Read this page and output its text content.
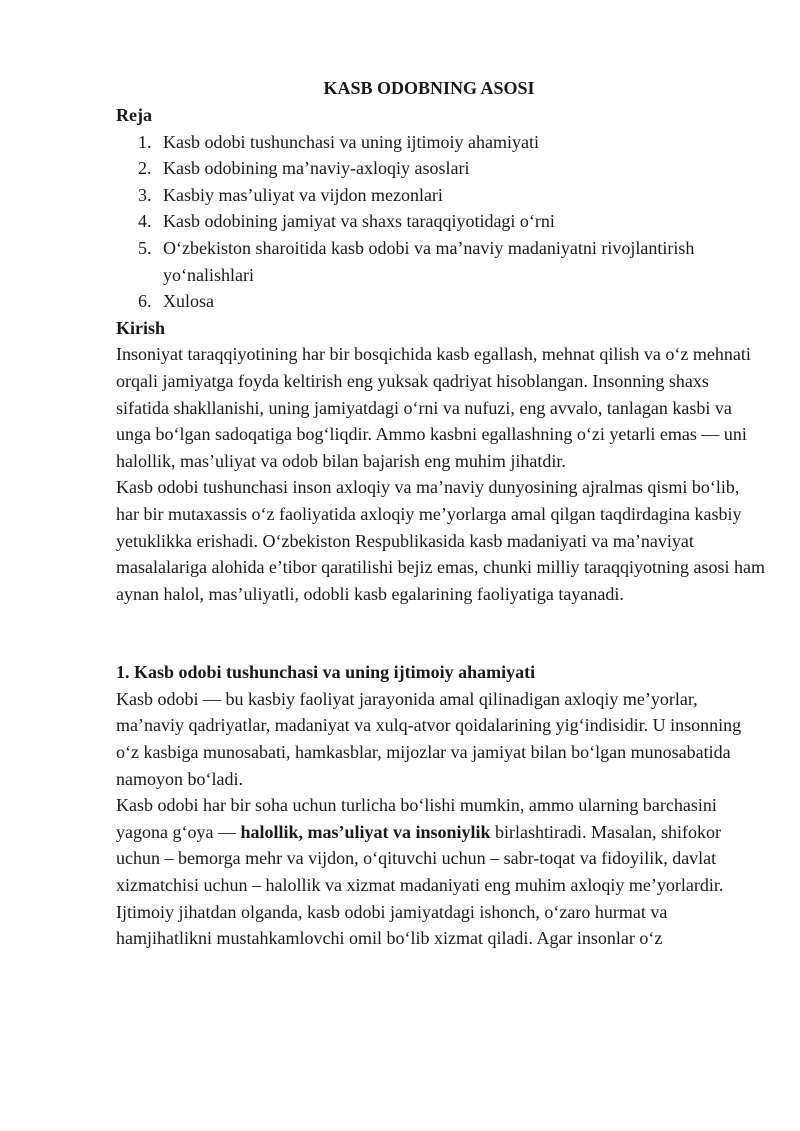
KASB ODOBNING ASOSI

Reja

1. Kasb odobi tushunchasi va uning ijtimoiy ahamiyati
2. Kasb odobining ma’naviy-axloqiy asoslari
3. Kasbiy mas’uliyat va vijdon mezonlari
4. Kasb odobining jamiyat va shaxs taraqqiyotidagi o‘rni
5. O‘zbekiston sharoitida kasb odobi va ma’naviy madaniyatni rivojlantirish yo‘nalishlari
6. Xulosa

Kirish

Insoniyat taraqqiyotining har bir bosqichida kasb egallash, mehnat qilish va o‘z mehnati orqali jamiyatga foyda keltirish eng yuksak qadriyat hisoblangan. Insonning shaxs sifatida shakllanishi, uning jamiyatdagi o‘rni va nufuzi, eng avvalo, tanlagan kasbi va unga bo‘lgan sadoqatiga bog‘liqdir. Ammo kasbni egallashning o‘zi yetarli emas — uni halollik, mas’uliyat va odob bilan bajarish eng muhim jihatdir.

Kasb odobi tushunchasi inson axloqiy va ma’naviy dunyosining ajralmas qismi bo‘lib, har bir mutaxassis o‘z faoliyatida axloqiy me’yorlarga amal qilgan taqdirdagina kasbiy yetuklikka erishadi. O‘zbekiston Respublikasida kasb madaniyati va ma’naviyat masalalariga alohida e’tibor qaratilishi bejiz emas, chunki milliy taraqqiyotning asosi ham aynan halol, mas’uliyatli, odobli kasb egalarining faoliyatiga tayanadi.

1. Kasb odobi tushunchasi va uning ijtimoiy ahamiyati

Kasb odobi — bu kasbiy faoliyat jarayonida amal qilinadigan axloqiy me’yorlar, ma’naviy qadriyatlar, madaniyat va xulq-atvor qoidalarining yig‘indisidir. U insonning o‘z kasbiga munosabati, hamkasblar, mijozlar va jamiyat bilan bo‘lgan munosabatida namoyon bo‘ladi.

Kasb odobi har bir soha uchun turlicha bo‘lishi mumkin, ammo ularning barchasini yagona g‘oya — halollik, mas’uliyat va insoniylik birlashtiradi. Masalan, shifokor uchun – bemorga mehr va vijdon, o‘qituvchi uchun – sabr-toqat va fidoyilik, davlat xizmatchisi uchun – halollik va xizmat madaniyati eng muhim axloqiy me’yorlardir.

Ijtimoiy jihatdan olganda, kasb odobi jamiyatdagi ishonch, o‘zaro hurmat va hamjihatlikni mustahkamlovchi omil bo‘lib xizmat qiladi. Agar insonlar o‘z
